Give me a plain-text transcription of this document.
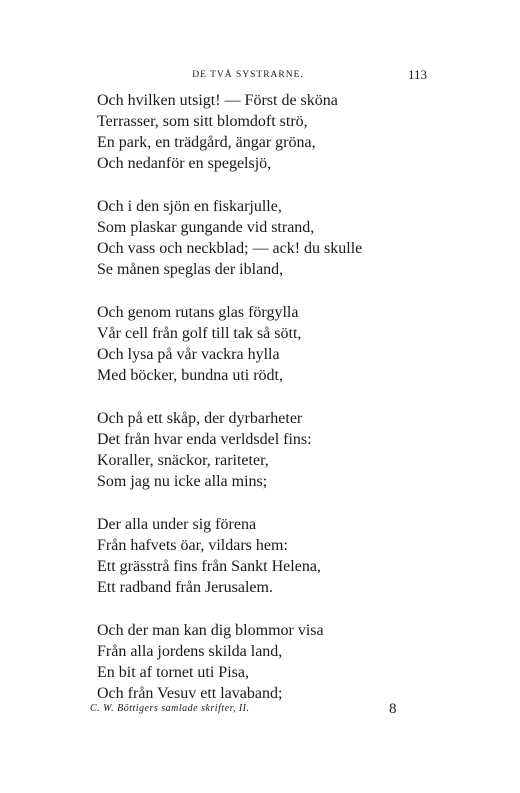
DE TVÅ SYSTRARNE.	113
Och hvilken utsigt! — Först de sköna
Terrasser, som sitt blomdoft strö,
En park, en trädgård, ängar gröna,
Och nedanför en spegelsjö,
Och i den sjön en fiskarjulle,
Som plaskar gungande vid strand,
Och vass och neckblad; — ack! du skulle
Se månen speglas der ibland,
Och genom rutans glas förgylla
Vår cell från golf till tak så sött,
Och lysa på vår vackra hylla
Med böcker, bundna uti rödt,
Och på ett skåp, der dyrbarheter
Det från hvar enda verldsdel fins:
Koraller, snäckor, rariteter,
Som jag nu icke alla mins;
Der alla under sig förena
Från hafvets öar, vildars hem:
Ett grässtrå fins från Sankt Helena,
Ett radband från Jerusalem.
Och der man kan dig blommor visa
Från alla jordens skilda land,
En bit af tornet uti Pisa,
Och från Vesuv ett lavaband;
C. W. Böttigers samlade skrifter, II.	8
